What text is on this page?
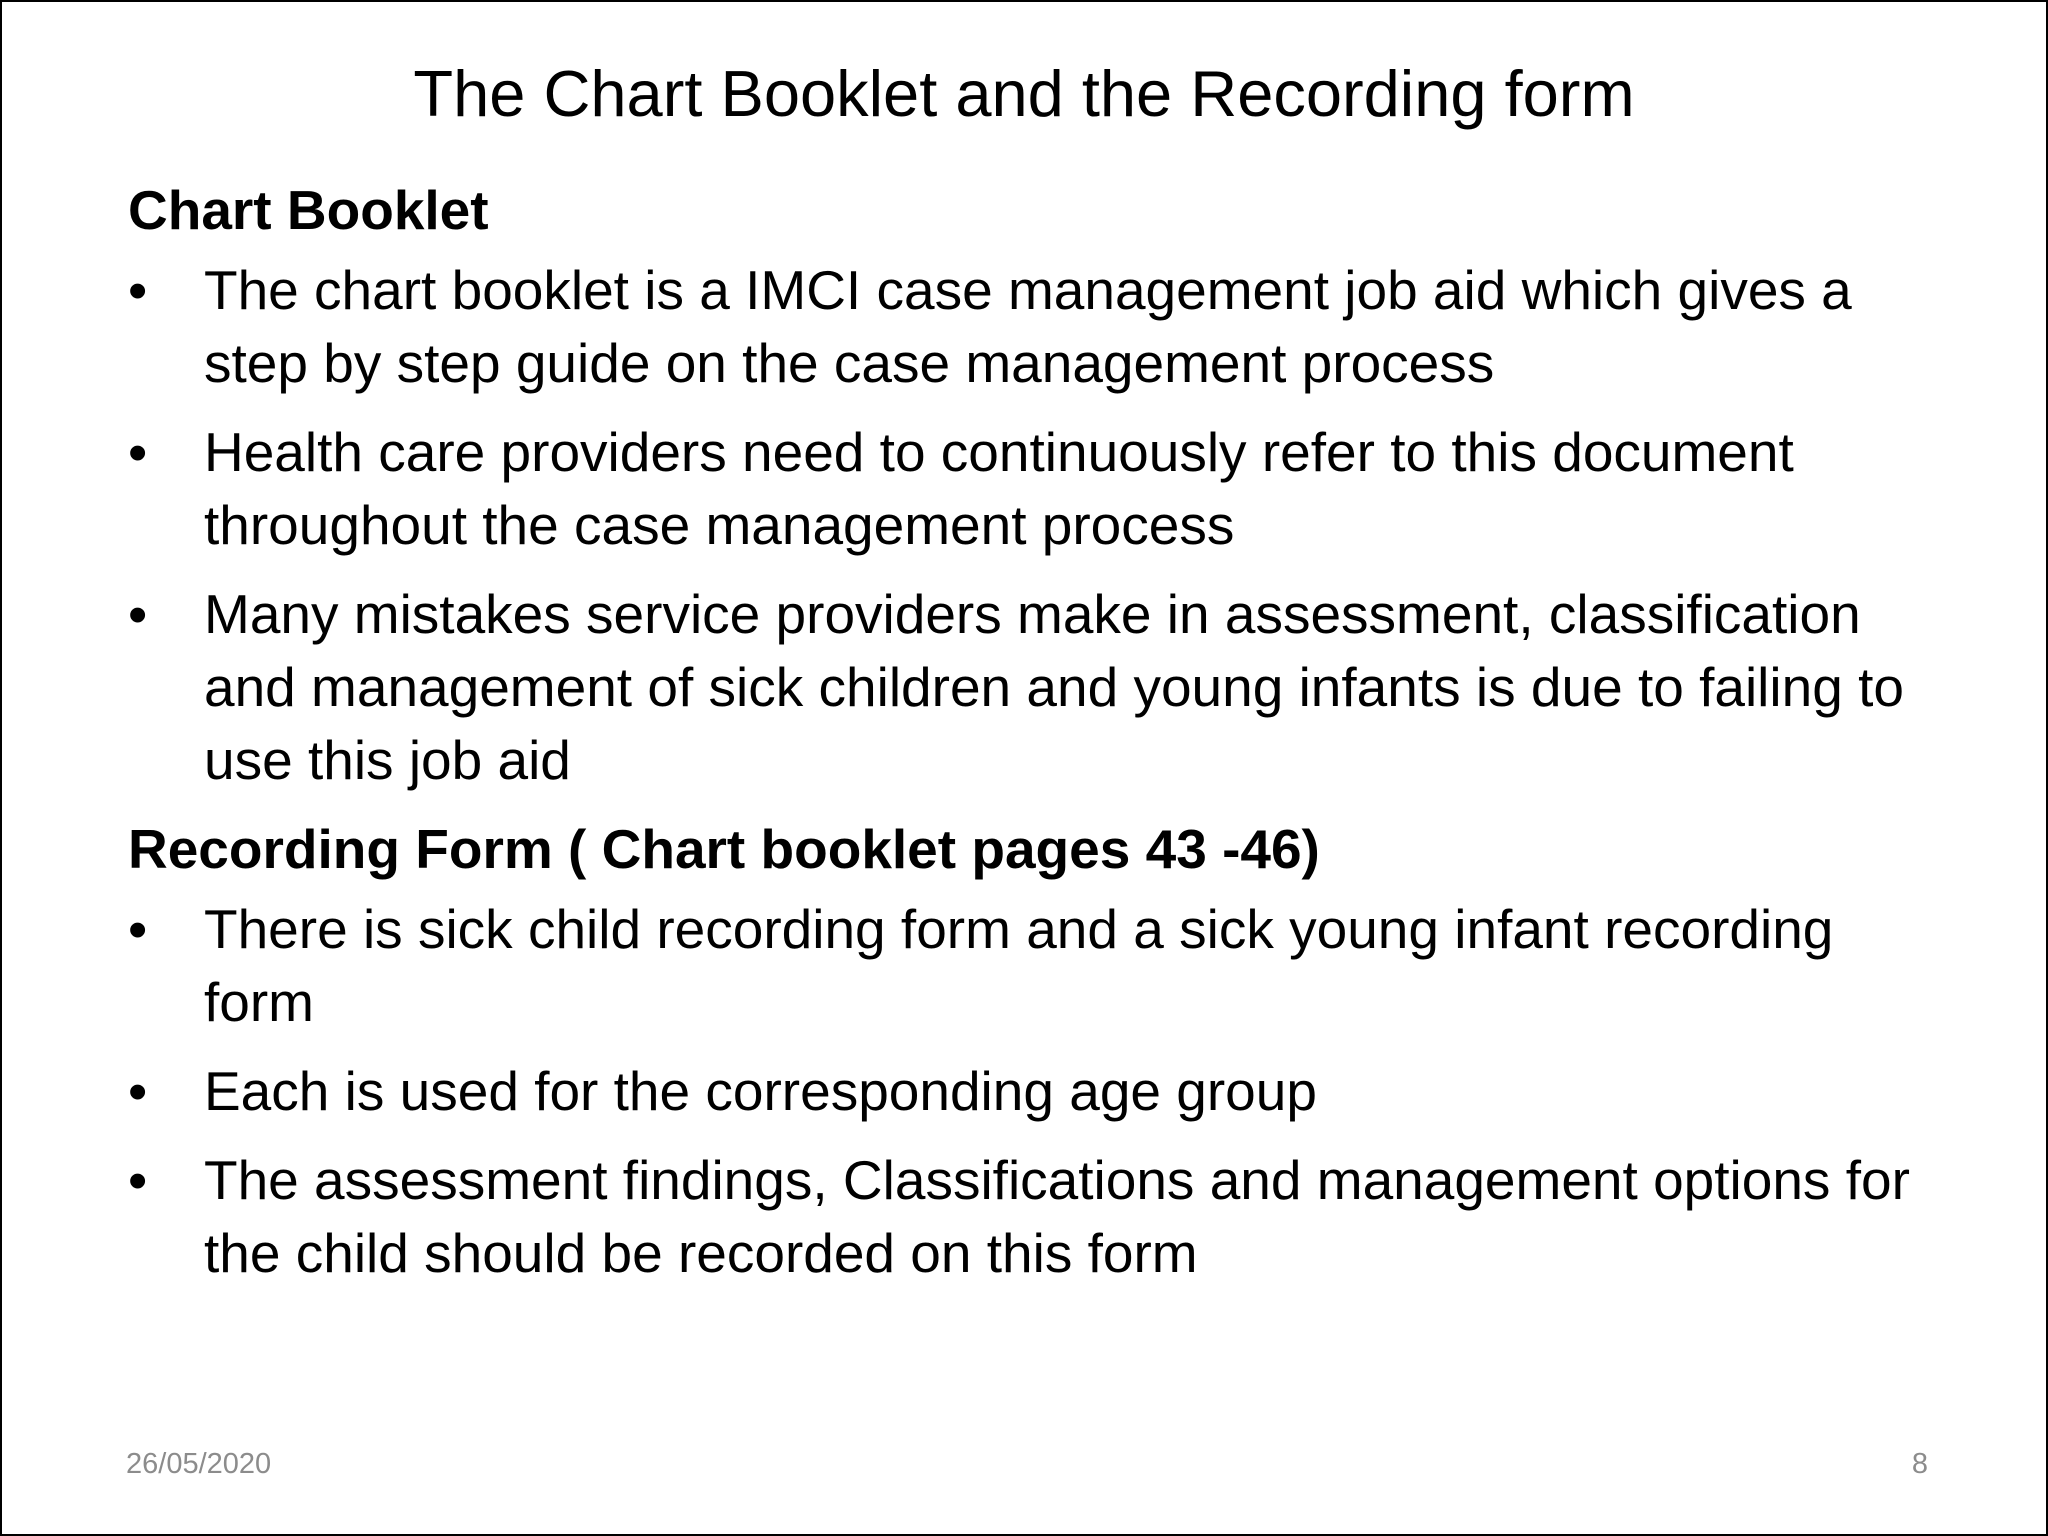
The Chart Booklet and the Recording form
Chart Booklet
•	The chart booklet is a IMCI case management job aid which gives a step by step guide on the case management process
•	Health care providers need to continuously refer to this document throughout the case management process
•	Many mistakes service providers make in assessment, classification and management of sick children and young infants is due to failing to use this job aid
Recording Form ( Chart booklet pages 43 -46)
•	There is sick child recording form and a sick young infant recording form
•	Each is used for the corresponding age group
•	The assessment findings, Classifications and management options for the child should be recorded on this form
26/05/2020	8
